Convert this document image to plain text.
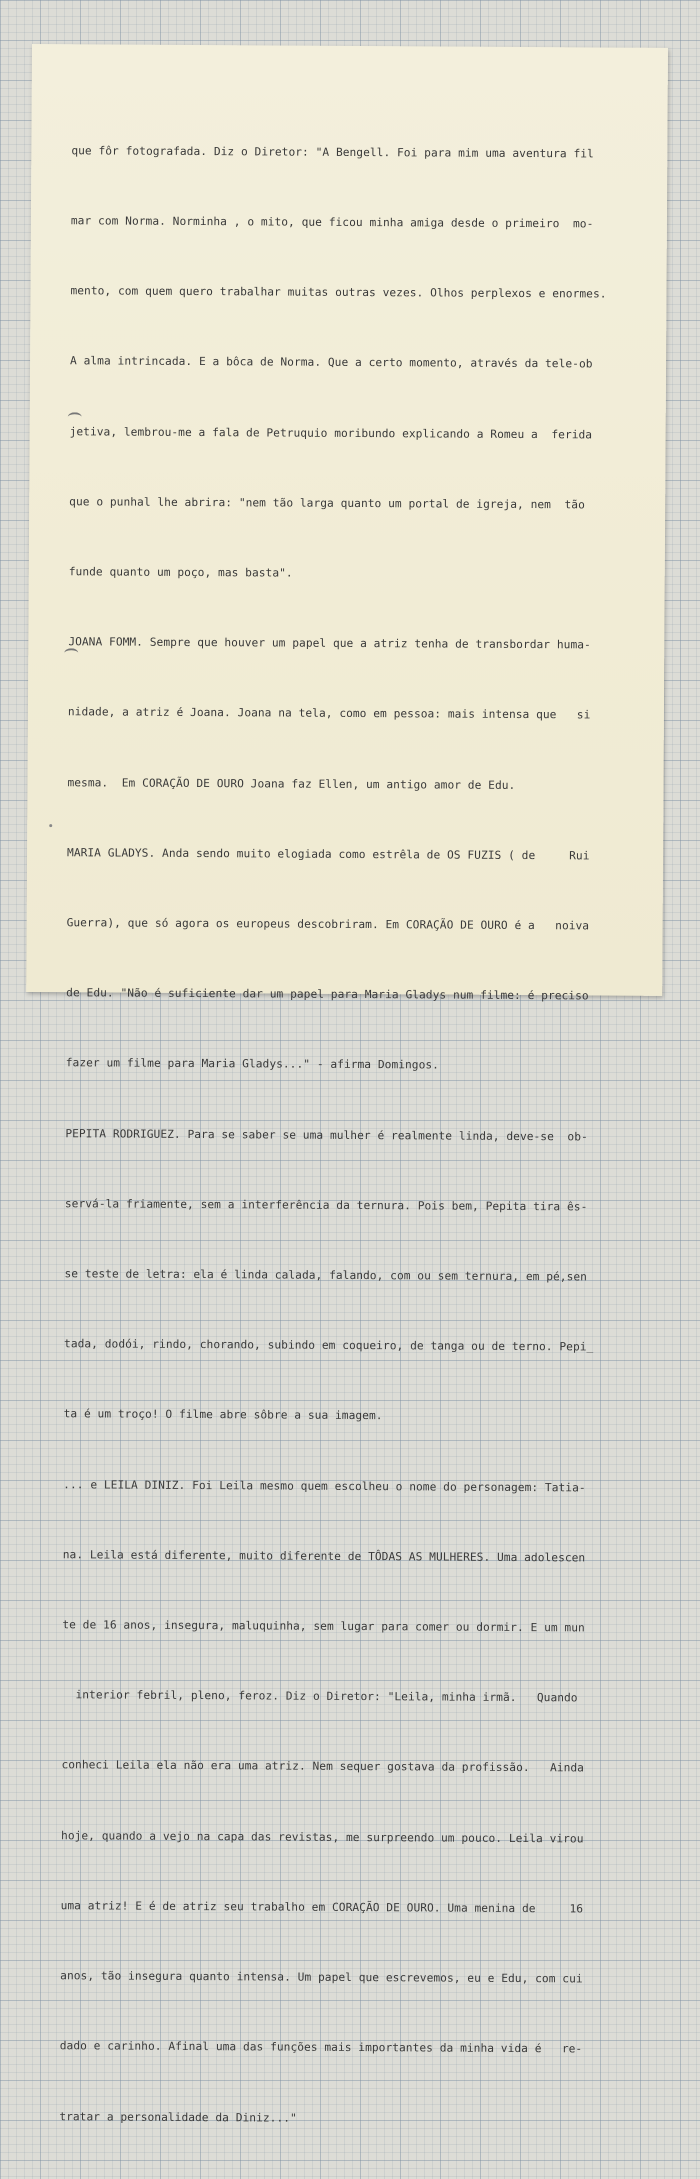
que fôr fotografada. Diz o Diretor: "A Bengell. Foi para mim uma aventura fil

mar com Norma. Norminha , o mito, que ficou minha amiga desde o primeiro  mo-

mento, com quem quero trabalhar muitas outras vezes. Olhos perplexos e enormes.

A alma intrincada. E a bôca de Norma. Que a certo momento, através da tele-ob

jetiva, lembrou-me a fala de Petruquio moribundo explicando a Romeu a  ferida

que o punhal lhe abrira: "nem tão larga quanto um portal de igreja, nem  tão

funde quanto um poço, mas basta".

JOANA FOMM. Sempre que houver um papel que a atriz tenha de transbordar huma-

nidade, a atriz é Joana. Joana na tela, como em pessoa: mais intensa que   si

mesma.  Em CORAÇÃO DE OURO Joana faz Ellen, um antigo amor de Edu.

MARIA GLADYS. Anda sendo muito elogiada como estrêla de OS FUZIS ( de     Rui

Guerra), que só agora os europeus descobriram. Em CORAÇÃO DE OURO é a   noiva

de Edu. "Não é suficiente dar um papel para Maria Gladys num filme: é preciso

fazer um filme para Maria Gladys..." - afirma Domingos.

PEPITA RODRIGUEZ. Para se saber se uma mulher é realmente linda, deve-se  ob-

servá-la friamente, sem a interferência da ternura. Pois bem, Pepita tira ês-

se teste de letra: ela é linda calada, falando, com ou sem ternura, em pé,sen

tada, dodói, rindo, chorando, subindo em coqueiro, de tanga ou de terno. Pepi_

ta é um troço! O filme abre sôbre a sua imagem.

... e LEILA DINIZ. Foi Leila mesmo quem escolheu o nome do personagem: Tatia-

na. Leila está diferente, muito diferente de TÔDAS AS MULHERES. Uma adolescen

te de 16 anos, insegura, maluquinha, sem lugar para comer ou dormir. E um mun

interior febril, pleno, feroz. Diz o Diretor: "Leila, minha irmã.   Quando

conheci Leila ela não era uma atriz. Nem sequer gostava da profissão.   Ainda

hoje, quando a vejo na capa das revistas, me surpreendo um pouco. Leila virou

uma atriz! E é de atriz seu trabalho em CORAÇÃO DE OURO. Uma menina de     16

anos, tão insegura quanto intensa. Um papel que escrevemos, eu e Edu, com cui

dado e carinho. Afinal uma das funções mais importantes da minha vida é   re-

tratar a personalidade da Diniz..."
